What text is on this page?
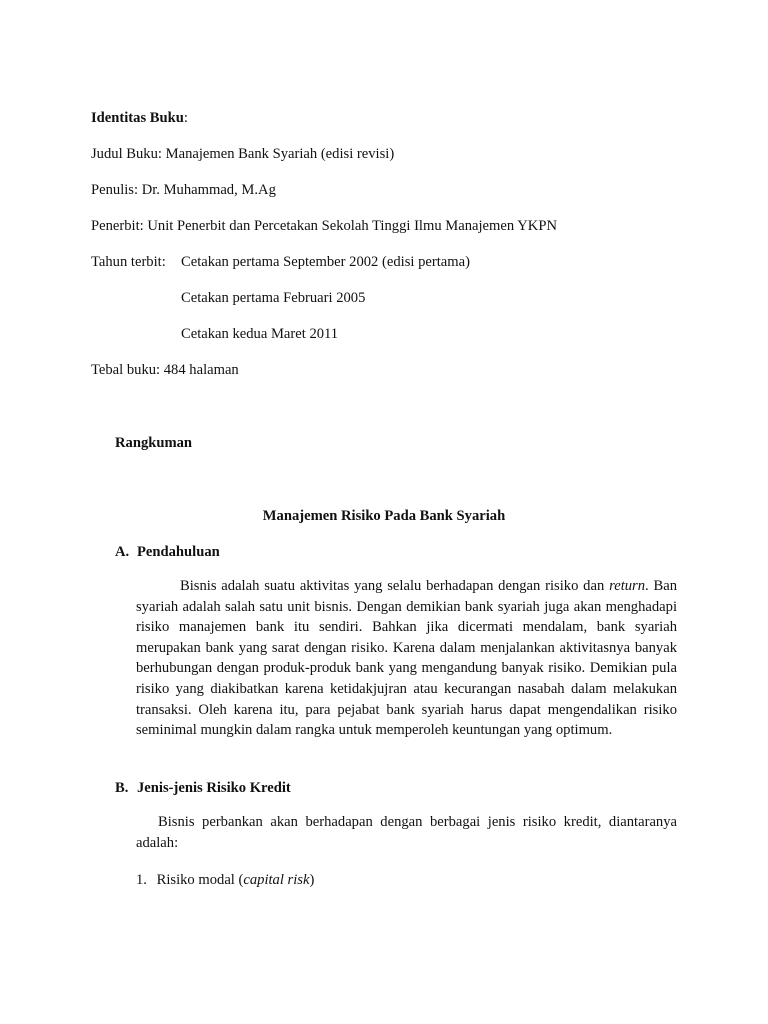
Identitas Buku:
Judul Buku: Manajemen Bank Syariah (edisi revisi)
Penulis: Dr. Muhammad, M.Ag
Penerbit: Unit Penerbit dan Percetakan Sekolah Tinggi Ilmu Manajemen YKPN
Tahun terbit: Cetakan pertama September 2002 (edisi pertama)
Cetakan pertama Februari 2005
Cetakan kedua Maret 2011
Tebal buku: 484 halaman
Rangkuman
Manajemen Risiko Pada Bank Syariah
A. Pendahuluan

Bisnis adalah suatu aktivitas yang selalu berhadapan dengan risiko dan return. Ban syariah adalah salah satu unit bisnis. Dengan demikian bank syariah juga akan menghadapi risiko manajemen bank itu sendiri. Bahkan jika dicermati mendalam, bank syariah merupakan bank yang sarat dengan risiko. Karena dalam menjalankan aktivitasnya banyak berhubungan dengan produk-produk bank yang mengandung banyak risiko. Demikian pula risiko yang diakibatkan karena ketidakjujran atau kecurangan nasabah dalam melakukan transaksi. Oleh karena itu, para pejabat bank syariah harus dapat mengendalikan risiko seminimal mungkin dalam rangka untuk memperoleh keuntungan yang optimum.

B. Jenis-jenis Risiko Kredit

Bisnis perbankan akan berhadapan dengan berbagai jenis risiko kredit, diantaranya adalah:

1. Risiko modal (capital risk)
